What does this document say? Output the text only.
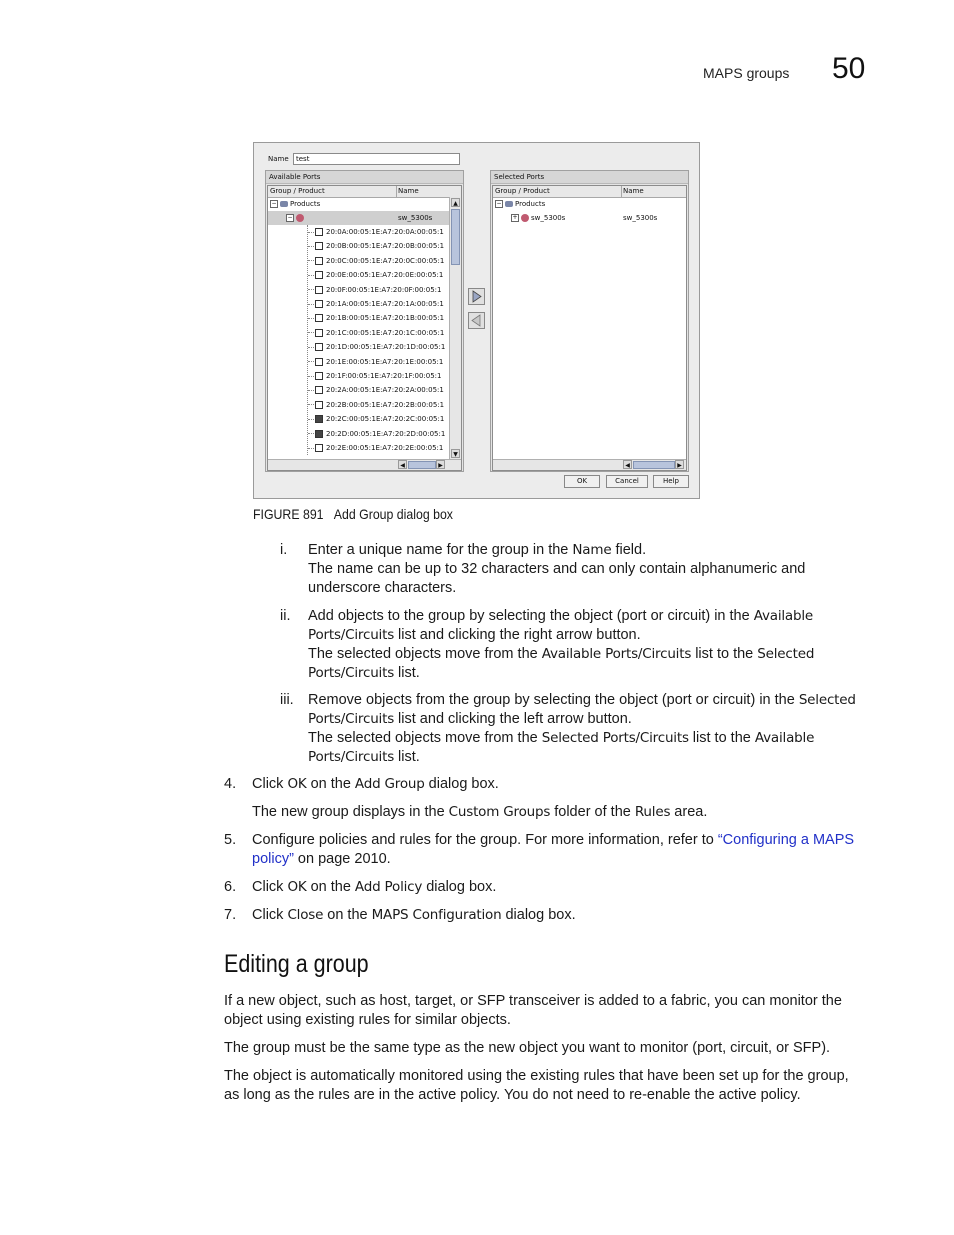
MAPS groups 50
Name	test
Available Ports
Group / Product	Name
− Products
−	sw_5300s
20:0A:00:05:1E:A7:20:0A:00:05:1
20:0B:00:05:1E:A7:20:0B:00:05:1
20:0C:00:05:1E:A7:20:0C:00:05:1
20:0E:00:05:1E:A7:20:0E:00:05:1
20:0F:00:05:1E:A7:20:0F:00:05:1
20:1A:00:05:1E:A7:20:1A:00:05:1
20:1B:00:05:1E:A7:20:1B:00:05:1
20:1C:00:05:1E:A7:20:1C:00:05:1
20:1D:00:05:1E:A7:20:1D:00:05:1
20:1E:00:05:1E:A7:20:1E:00:05:1
20:1F:00:05:1E:A7:20:1F:00:05:1
20:2A:00:05:1E:A7:20:2A:00:05:1
20:2B:00:05:1E:A7:20:2B:00:05:1
20:2C:00:05:1E:A7:20:2C:00:05:1
20:2D:00:05:1E:A7:20:2D:00:05:1
20:2E:00:05:1E:A7:20:2E:00:05:1
▲
▼
◀	▶
Selected Ports
Group / Product	Name
− Products
+ sw_5300s	sw_5300s
◀	▶
OK	Cancel	Help
FIGURE 891 Add Group dialog box
i. Enter a unique name for the group in the Name field.
The name can be up to 32 characters and can only contain alphanumeric and
underscore characters.
ii. Add objects to the group by selecting the object (port or circuit) in the Available
Ports/Circuits list and clicking the right arrow button.
The selected objects move from the Available Ports/Circuits list to the Selected
Ports/Circuits list.
iii. Remove objects from the group by selecting the object (port or circuit) in the Selected
Ports/Circuits list and clicking the left arrow button.
The selected objects move from the Selected Ports/Circuits list to the Available
Ports/Circuits list.
4. Click OK on the Add Group dialog box.
The new group displays in the Custom Groups folder of the Rules area.
5. Configure policies and rules for the group. For more information, refer to “Configuring a MAPS
policy” on page 2010.
6. Click OK on the Add Policy dialog box.
7. Click Close on the MAPS Configuration dialog box.
Editing a group
If a new object, such as host, target, or SFP transceiver is added to a fabric, you can monitor the
object using existing rules for similar objects.
The group must be the same type as the new object you want to monitor (port, circuit, or SFP).
The object is automatically monitored using the existing rules that have been set up for the group,
as long as the rules are in the active policy. You do not need to re-enable the active policy.
